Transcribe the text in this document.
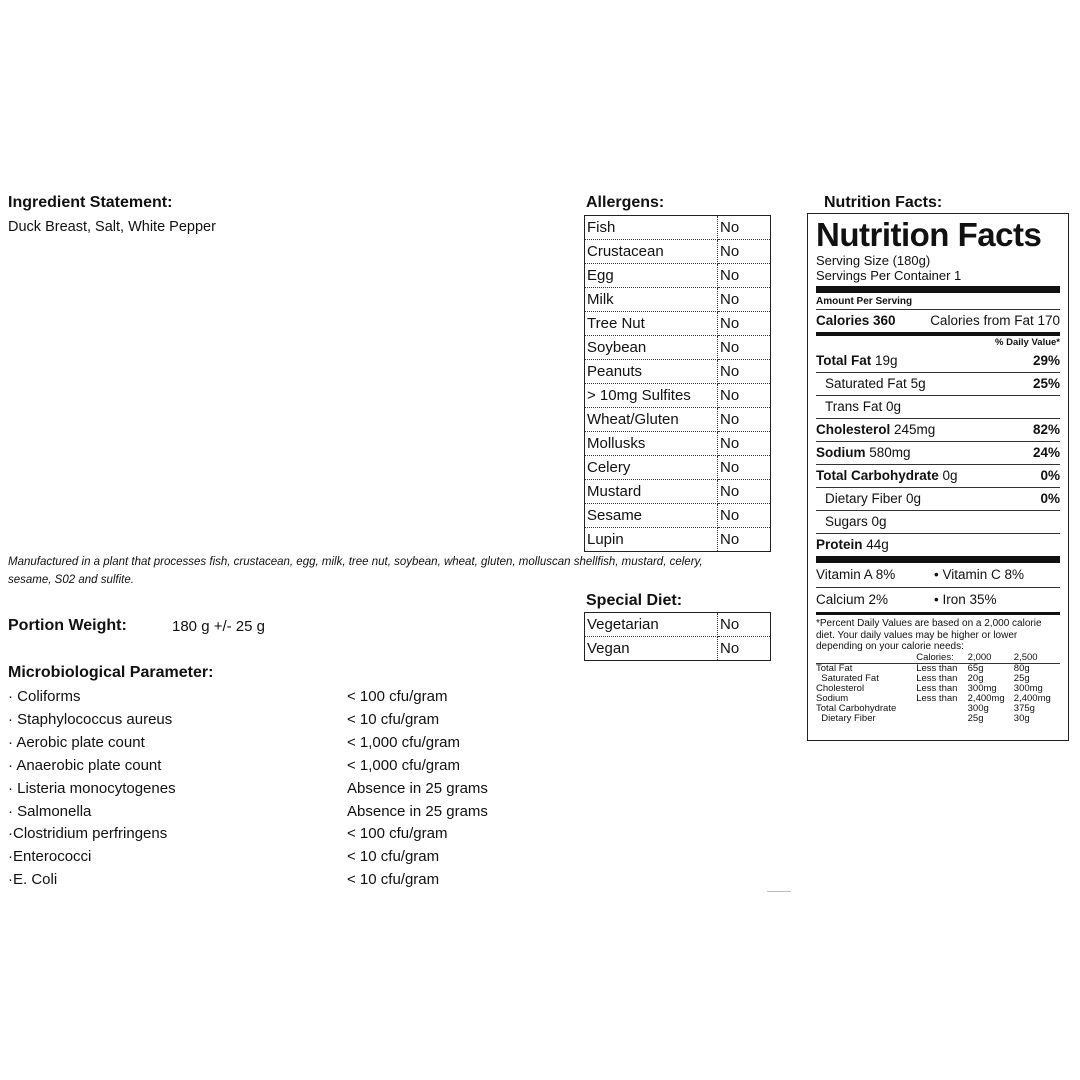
Ingredient Statement:
Duck Breast, Salt, White Pepper
Allergens:
Fish	No
Crustacean	No
Egg	No
Milk	No
Tree Nut	No
Soybean	No
Peanuts	No
> 10mg Sulfites	No
Wheat/Gluten	No
Mollusks	No
Celery	No
Mustard	No
Sesame	No
Lupin	No
Manufactured in a plant that processes fish, crustacean, egg, milk, tree nut, soybean, wheat, gluten, molluscan shellfish, mustard, celery, sesame, S02 and sulfite.
Portion Weight:	180 g +/- 25 g
Special Diet:
Vegetarian	No
Vegan	No
Microbiological Parameter:
· Coliforms	< 100 cfu/gram
· Staphylococcus aureus	< 10 cfu/gram
· Aerobic plate count	< 1,000 cfu/gram
· Anaerobic plate count	< 1,000 cfu/gram
· Listeria monocytogenes	Absence in 25 grams
· Salmonella	Absence in 25 grams
·Clostridium perfringens	< 100 cfu/gram
·Enterococci	< 10 cfu/gram
·E. Coli	< 10 cfu/gram
Nutrition Facts:
Nutrition Facts
Serving Size (180g)
Servings Per Container 1
Amount Per Serving
Calories 360	Calories from Fat 170
% Daily Value*
Total Fat 19g	29%
Saturated Fat 5g	25%
Trans Fat 0g
Cholesterol 245mg	82%
Sodium 580mg	24%
Total Carbohydrate 0g	0%
Dietary Fiber 0g	0%
Sugars 0g
Protein 44g
Vitamin A 8%	• Vitamin C 8%
Calcium 2%	• Iron 35%
*Percent Daily Values are based on a 2,000 calorie diet. Your daily values may be higher or lower depending on your calorie needs:
	Calories:	2,000	2,500
Total Fat	Less than	65g	80g
Saturated Fat	Less than	20g	25g
Cholesterol	Less than	300mg	300mg
Sodium	Less than	2,400mg	2,400mg
Total Carbohydrate		300g	375g
Dietary Fiber		25g	30g
